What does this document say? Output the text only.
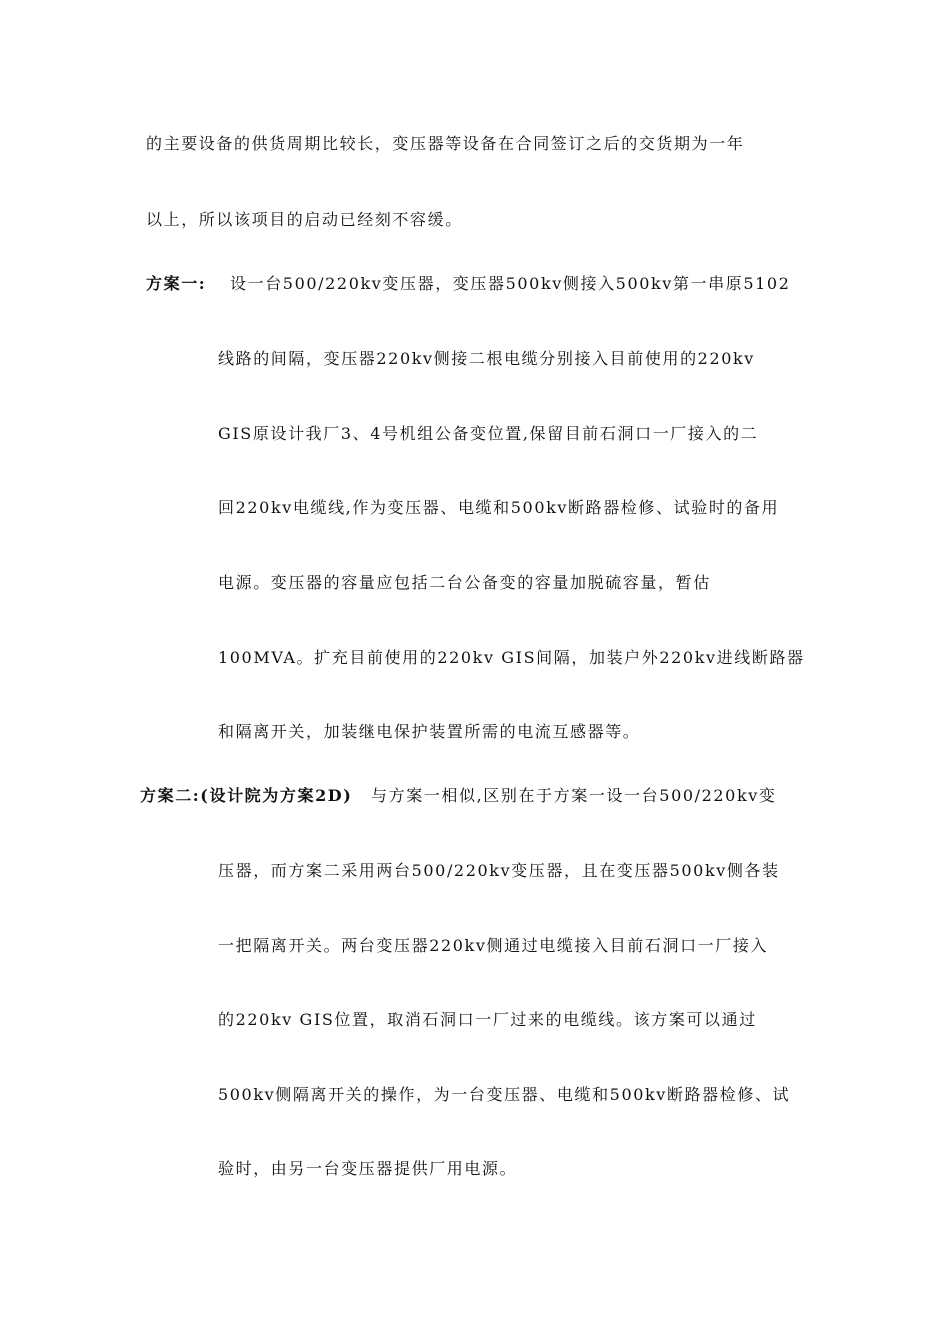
的主要设备的供货周期比较长，变压器等设备在合同签订之后的交货期为一年
以上，所以该项目的启动已经刻不容缓。
方案一: 设一台500/220kv变压器，变压器500kv侧接入500kv第一串原5102
线路的间隔，变压器220kv侧接二根电缆分别接入目前使用的220kv
GIS原设计我厂3、4号机组公备变位置,保留目前石洞口一厂接入的二
回220kv电缆线,作为变压器、电缆和500kv断路器检修、试验时的备用
电源。变压器的容量应包括二台公备变的容量加脱硫容量，暂估
100MVA。扩充目前使用的220kv GIS间隔，加装户外220kv进线断路器
和隔离开关，加装继电保护装置所需的电流互感器等。
方案二:(设计院为方案2D) 与方案一相似,区别在于方案一设一台500/220kv变
压器，而方案二采用两台500/220kv变压器，且在变压器500kv侧各装
一把隔离开关。两台变压器220kv侧通过电缆接入目前石洞口一厂接入
的220kv GIS位置，取消石洞口一厂过来的电缆线。该方案可以通过
500kv侧隔离开关的操作，为一台变压器、电缆和500kv断路器检修、试
验时，由另一台变压器提供厂用电源。
